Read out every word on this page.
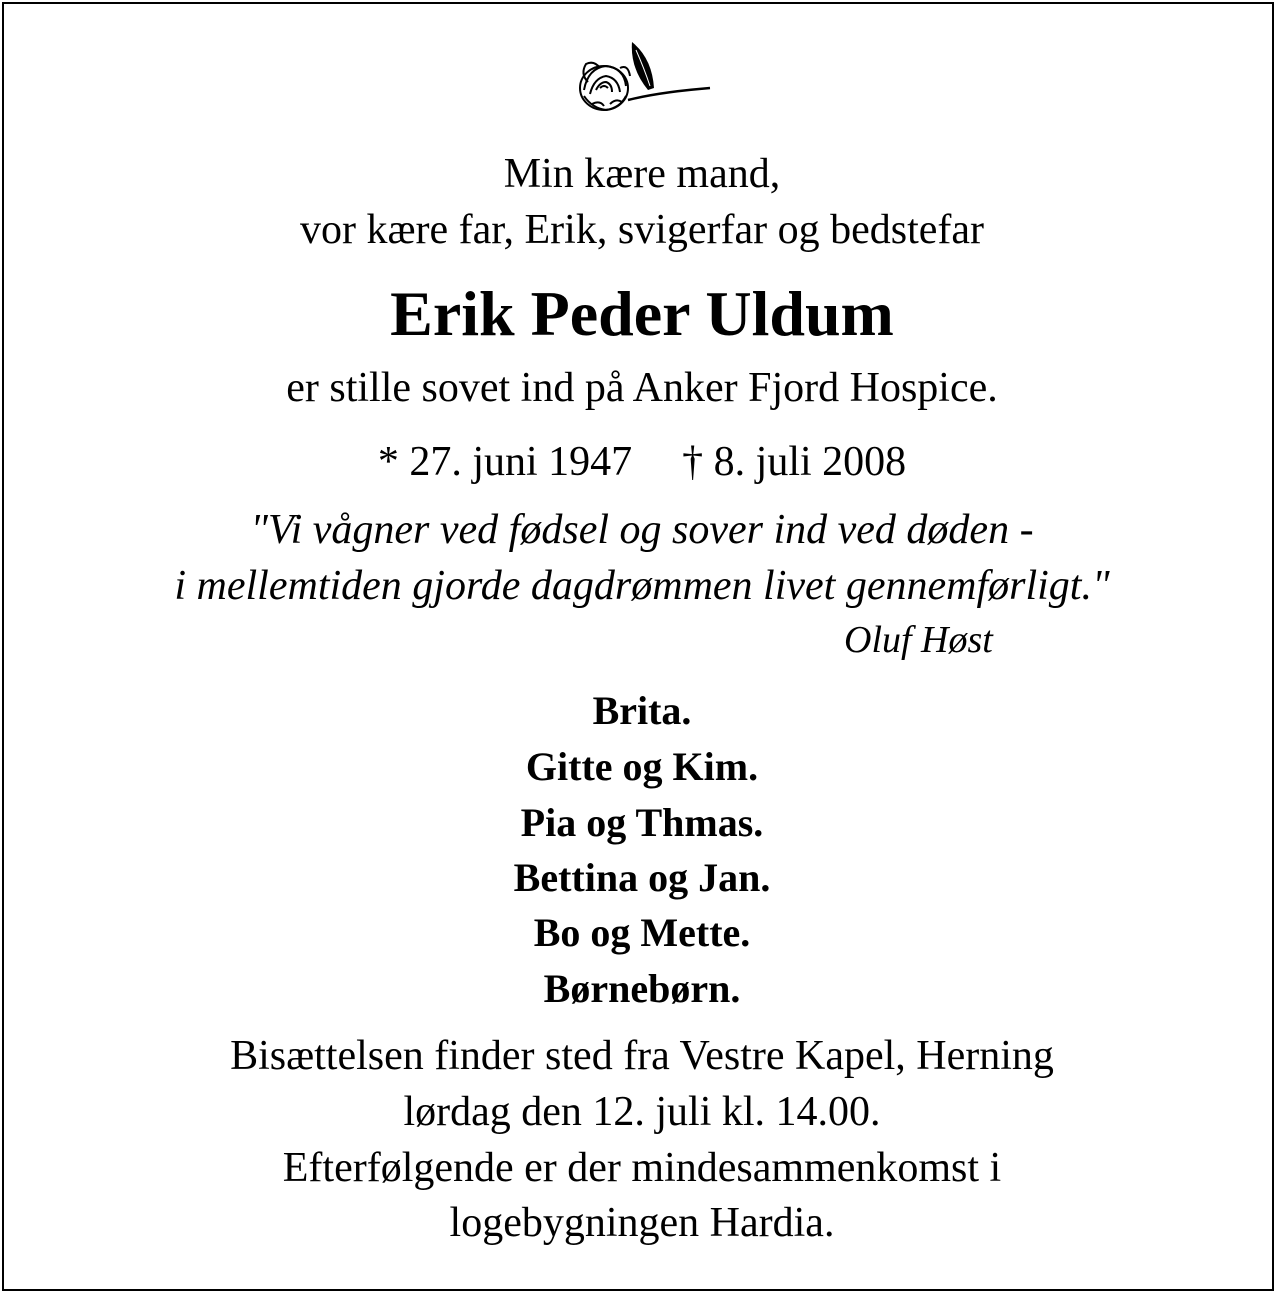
Min kære mand,
vor kære far, Erik, svigerfar og bedstefar
Erik Peder Uldum
er stille sovet ind på Anker Fjord Hospice.
* 27. juni 1947 † 8. juli 2008
"Vi vågner ved fødsel og sover ind ved døden -
i mellemtiden gjorde dagdrømmen livet gennemførligt."
Oluf Høst
Brita.
Gitte og Kim.
Pia og Thmas.
Bettina og Jan.
Bo og Mette.
Børnebørn.
Bisættelsen finder sted fra Vestre Kapel, Herning
lørdag den 12. juli kl. 14.00.
Efterfølgende er der mindesammenkomst i
logebygningen Hardia.
